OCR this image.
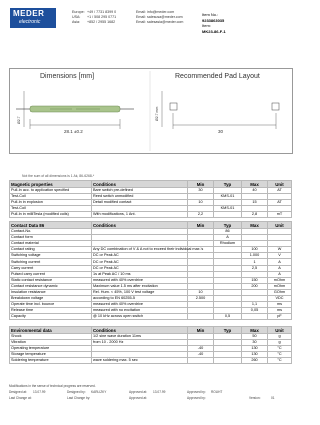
MEDER
electronic
Europe: +49 / 7731 8399 0	Email: info@meder.com
USA: +1 / 508 295 0771	Email: salesusa@meder.com
Asia: +852 / 2955 1682	Email: salesasia@meder.com
Item No.:
9233863035
Item:
MK23-86-F-1
Dimensions [mm]	Recommended Pad Layout
28.1 ±0.2
Ø2.7
30
Ø2.7 mm
Not the sum of all dimensions is 1 Ak, 86-6268-*
Magnetic properties	Conditions	Min	Typ	Max	Unit
Pull-In acc. to application specified	Bare switch pre-defined	30		40	AT
Test-Coil	Reed switch unmodified		KMS-01		
Pull-In in explosion	Detail modified contact	10		15	AT
Test-Coil			KMS-01		
Pull-In in milliTesla (modified coils)	With modifications, 1 Ant.	2,2		2,8	mT
Contact Data 86	Conditions	Min	Typ	Max	Unit
Contact-No.			86		
Contact form			A		
Contact material			Rhodium		
Contact rating	Any DC combination of V & A not to exceed their individual max.'s			100	W
Switching voltage	DC or Peak AC			1.000	V
Switching current	DC or Peak AC			1	A
Carry current	DC or Peak AC			2,5	A
Pulsed carry current	1s at Peak AC / 10 ms				A
Static contact resistance	measured with 40% overdrive			150	mOhm
Contact resistance dynamic	Maximum value 1.5 ms after excitation			200	mOhm
Insulation resistance	Rel. Hum. < 45%, 100 V test voltage	10			GOhm
Breakdown voltage	according to EN 60255-5	2.500			VDC
Operate time incl. bounce	measured with 40% overdrive			1,1	ms
Release time	measured with no excitation			0,05	ms
Capacity	@ 10 kHz across open switch		0,5		pF
Environmental data	Conditions	Min	Typ	Max	Unit
Shock	1/2 sine wave duration 11ms			50	g
Vibration	from 10 - 2000 Hz			30	g
Operating temperature		-40		130	°C
Storage temperature		-40		130	°C
Soldering temperature	wave soldering max. 5 sec			260	°C
Modifications in the sense of technical progress are reserved.
Designed at: 13.07.99	Designed by: KARLIZKY	Approved at: 13.07.99	Approved by: ROUHT
Last Change at:	Last Change by:	Approved at:	Approved by:	Version:	01
